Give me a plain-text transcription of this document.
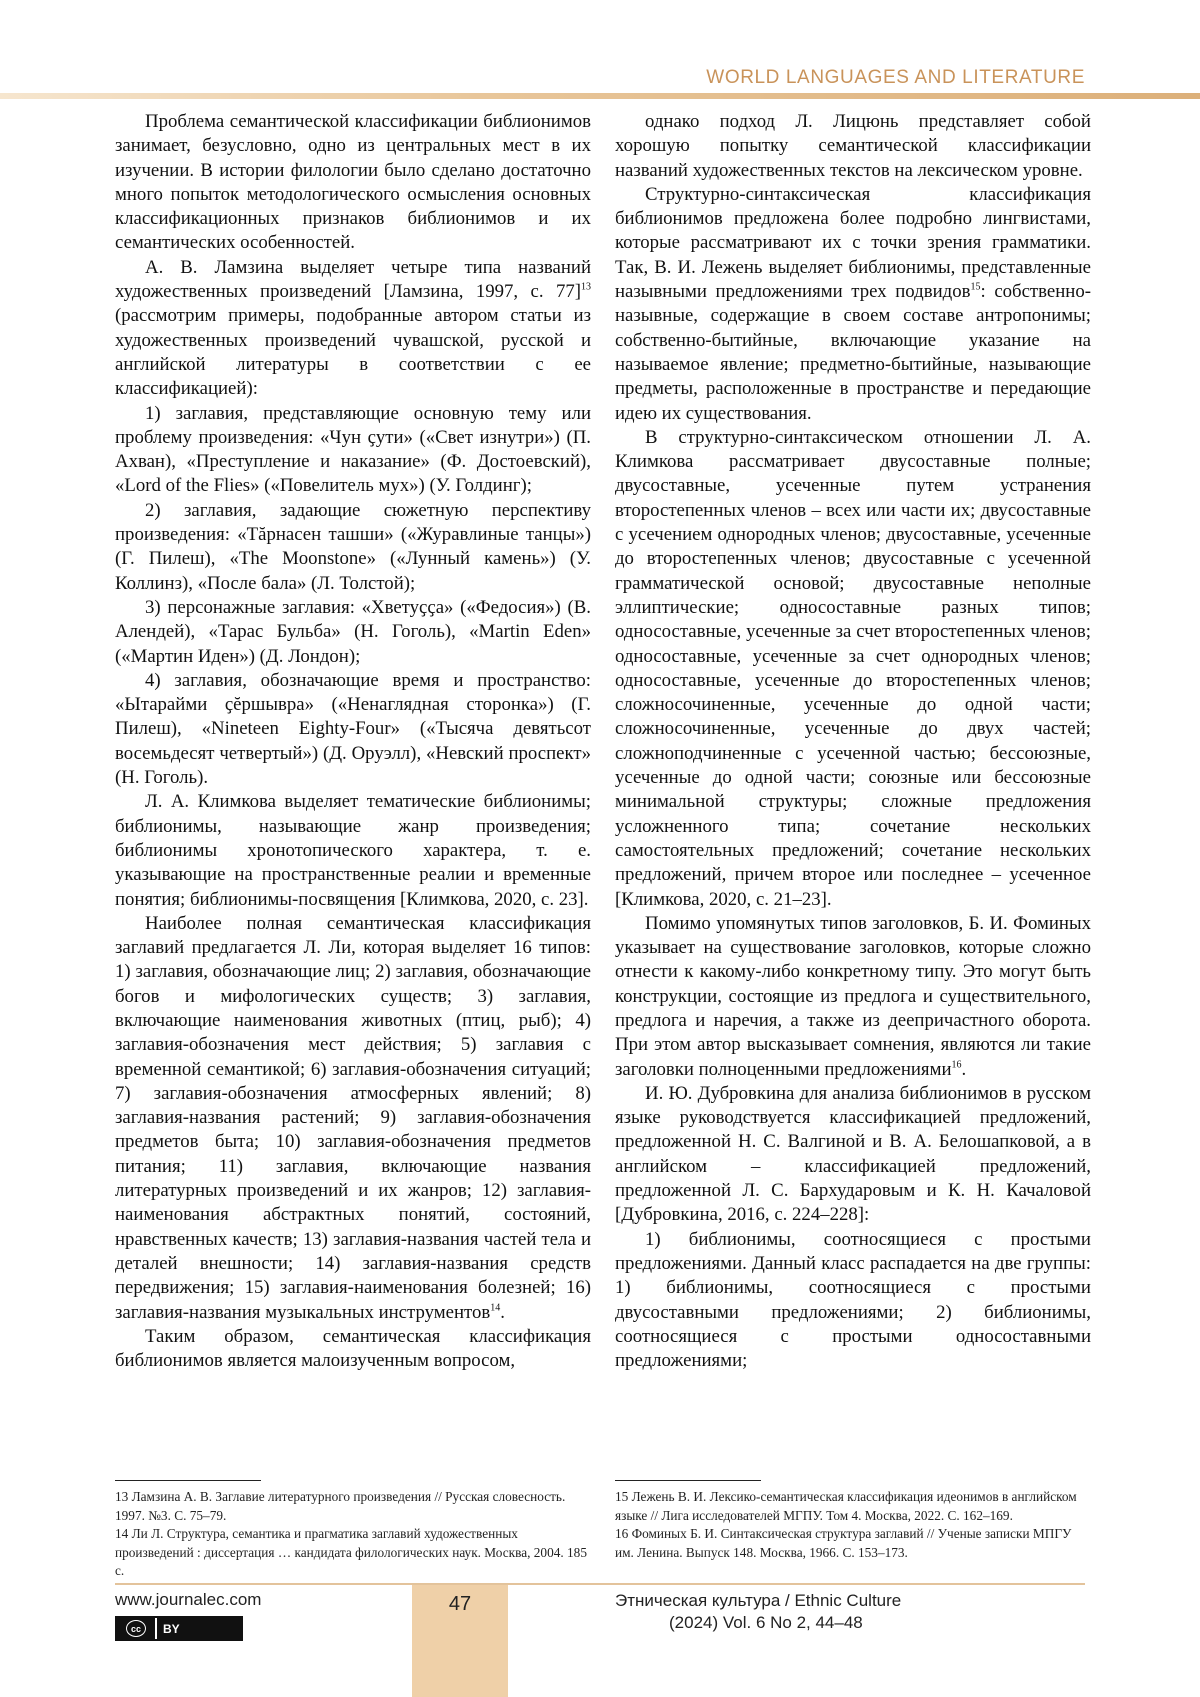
WORLD LANGUAGES AND LITERATURE

Проблема семантической классификации библионимов занимает, безусловно, одно из центральных мест в их изучении. В истории филологии было сделано достаточно много попыток методологического осмысления основных классификационных признаков библионимов и их семантических особенностей.

А. В. Ламзина выделяет четыре типа названий художественных произведений [Ламзина, 1997, с. 77]$^{13}$ (рассмотрим примеры, подобранные автором статьи из художественных произведений чувашской, русской и английской литературы в соответствии с ее классификацией):

1) заглавия, представляющие основную тему или проблему произведения: «Чун ҫути» («Свет изнутри») (П. Ахван), «Преступление и наказание» (Ф. Достоевский), «Lord of the Flies» («Повелитель мух») (У. Голдинг);

2) заглавия, задающие сюжетную перспективу произведения: «Тăрнасен ташши» («Журавлиные танцы») (Г. Пилеш), «The Moonstone» («Лунный камень») (У. Коллинз), «После бала» (Л. Толстой);

3) персонажные заглавия: «Хветуҫҫа» («Федосия») (В. Алендей), «Тарас Бульба» (Н. Гоголь), «Martin Eden» («Мартин Иден») (Д. Лондон);

4) заглавия, обозначающие время и пространство: «Ытарайми ҫĕршывра» («Ненаглядная сторонка») (Г. Пилеш), «Nineteen Eighty-Four» («Тысяча девятьсот восемьдесят четвертый») (Д. Оруэлл), «Невский проспект» (Н. Гоголь).

Л. А. Климкова выделяет тематические библионимы; библионимы, называющие жанр произведения; библионимы хронотопического характера, т. е. указывающие на пространственные реалии и временные понятия; библионимы-посвящения [Климкова, 2020, с. 23].

Наиболее полная семантическая классификация заглавий предлагается Л. Ли, которая выделяет 16 типов: 1) заглавия, обозначающие лиц; 2) заглавия, обозначающие богов и мифологических существ; 3) заглавия, включающие наименования животных (птиц, рыб); 4) заглавия-обозначения мест действия; 5) заглавия с временной семантикой; 6) заглавия-обозначения ситуаций; 7) заглавия-обозначения атмосферных явлений; 8) заглавия-названия растений; 9) заглавия-обозначения предметов быта; 10) заглавия-обозначения предметов питания; 11) заглавия, включающие названия литературных произведений и их жанров; 12) заглавия-наименования абстрактных понятий, состояний, нравственных качеств; 13) заглавия-названия частей тела и деталей внешности; 14) заглавия-названия средств передвижения; 15) заглавия-наименования болезней; 16) заглавия-названия музыкальных инструментов$^{14}$.

Таким образом, семантическая классификация библионимов является малоизученным вопросом,

однако подход Л. Лицюнь представляет собой хорошую попытку семантической классификации названий художественных текстов на лексическом уровне.

Структурно-синтаксическая классификация библионимов предложена более подробно лингвистами, которые рассматривают их с точки зрения грамматики. Так, В. И. Лежень выделяет библионимы, представленные назывными предложениями трех подвидов$^{15}$: собственно-назывные, содержащие в своем составе антропонимы; собственно-бытийные, включающие указание на называемое явление; предметно-бытийные, называющие предметы, расположенные в пространстве и передающие идею их существования.

В структурно-синтаксическом отношении Л. А. Климкова рассматривает двусоставные полные; двусоставные, усеченные путем устранения второстепенных членов – всех или части их; двусоставные с усечением однородных членов; двусоставные, усеченные до второстепенных членов; двусоставные с усеченной грамматической основой; двусоставные неполные эллиптические; односоставные разных типов; односоставные, усеченные за счет второстепенных членов; односоставные, усеченные за счет однородных членов; односоставные, усеченные до второстепенных членов; сложносочиненные, усеченные до одной части; сложносочиненные, усеченные до двух частей; сложноподчиненные с усеченной частью; бессоюзные, усеченные до одной части; союзные или бессоюзные минимальной структуры; сложные предложения усложненного типа; сочетание нескольких самостоятельных предложений; сочетание нескольких предложений, причем второе или последнее – усеченное [Климкова, 2020, с. 21–23].

Помимо упомянутых типов заголовков, Б. И. Фоминых указывает на существование заголовков, которые сложно отнести к какому-либо конкретному типу. Это могут быть конструкции, состоящие из предлога и существительного, предлога и наречия, а также из деепричастного оборота. При этом автор высказывает сомнения, являются ли такие заголовки полноценными предложениями$^{16}$.

И. Ю. Дубровкина для анализа библионимов в русском языке руководствуется классификацией предложений, предложенной Н. С. Валгиной и В. А. Белошапковой, а в английском – классификацией предложений, предложенной Л. С. Бархударовым и К. Н. Качаловой [Дубровкина, 2016, с. 224–228]:

1) библионимы, соотносящиеся с простыми предложениями. Данный класс распадается на две группы: 1) библионимы, соотносящиеся с простыми двусоставными предложениями; 2) библионимы, соотносящиеся с простыми односоставными предложениями;

13 Ламзина А. В. Заглавие литературного произведения // Русская словесность. 1997. №3. С. 75–79.

14 Ли Л. Структура, семантика и прагматика заглавий художественных произведений : диссертация … кандидата филологических наук. Москва, 2004. 185 с.

15 Лежень В. И. Лексико-семантическая классификация идеонимов в английском языке // Лига исследователей МГПУ. Том 4. Москва, 2022. С. 162–169.

16 Фоминых Б. И. Синтаксическая структура заглавий // Ученые записки МПГУ им. Ленина. Выпуск 148. Москва, 1966. С. 153–173.

47
www.journalec.com
cc	BY
Этническая культура / Ethnic Culture
(2024) Vol. 6 No 2, 44–48
